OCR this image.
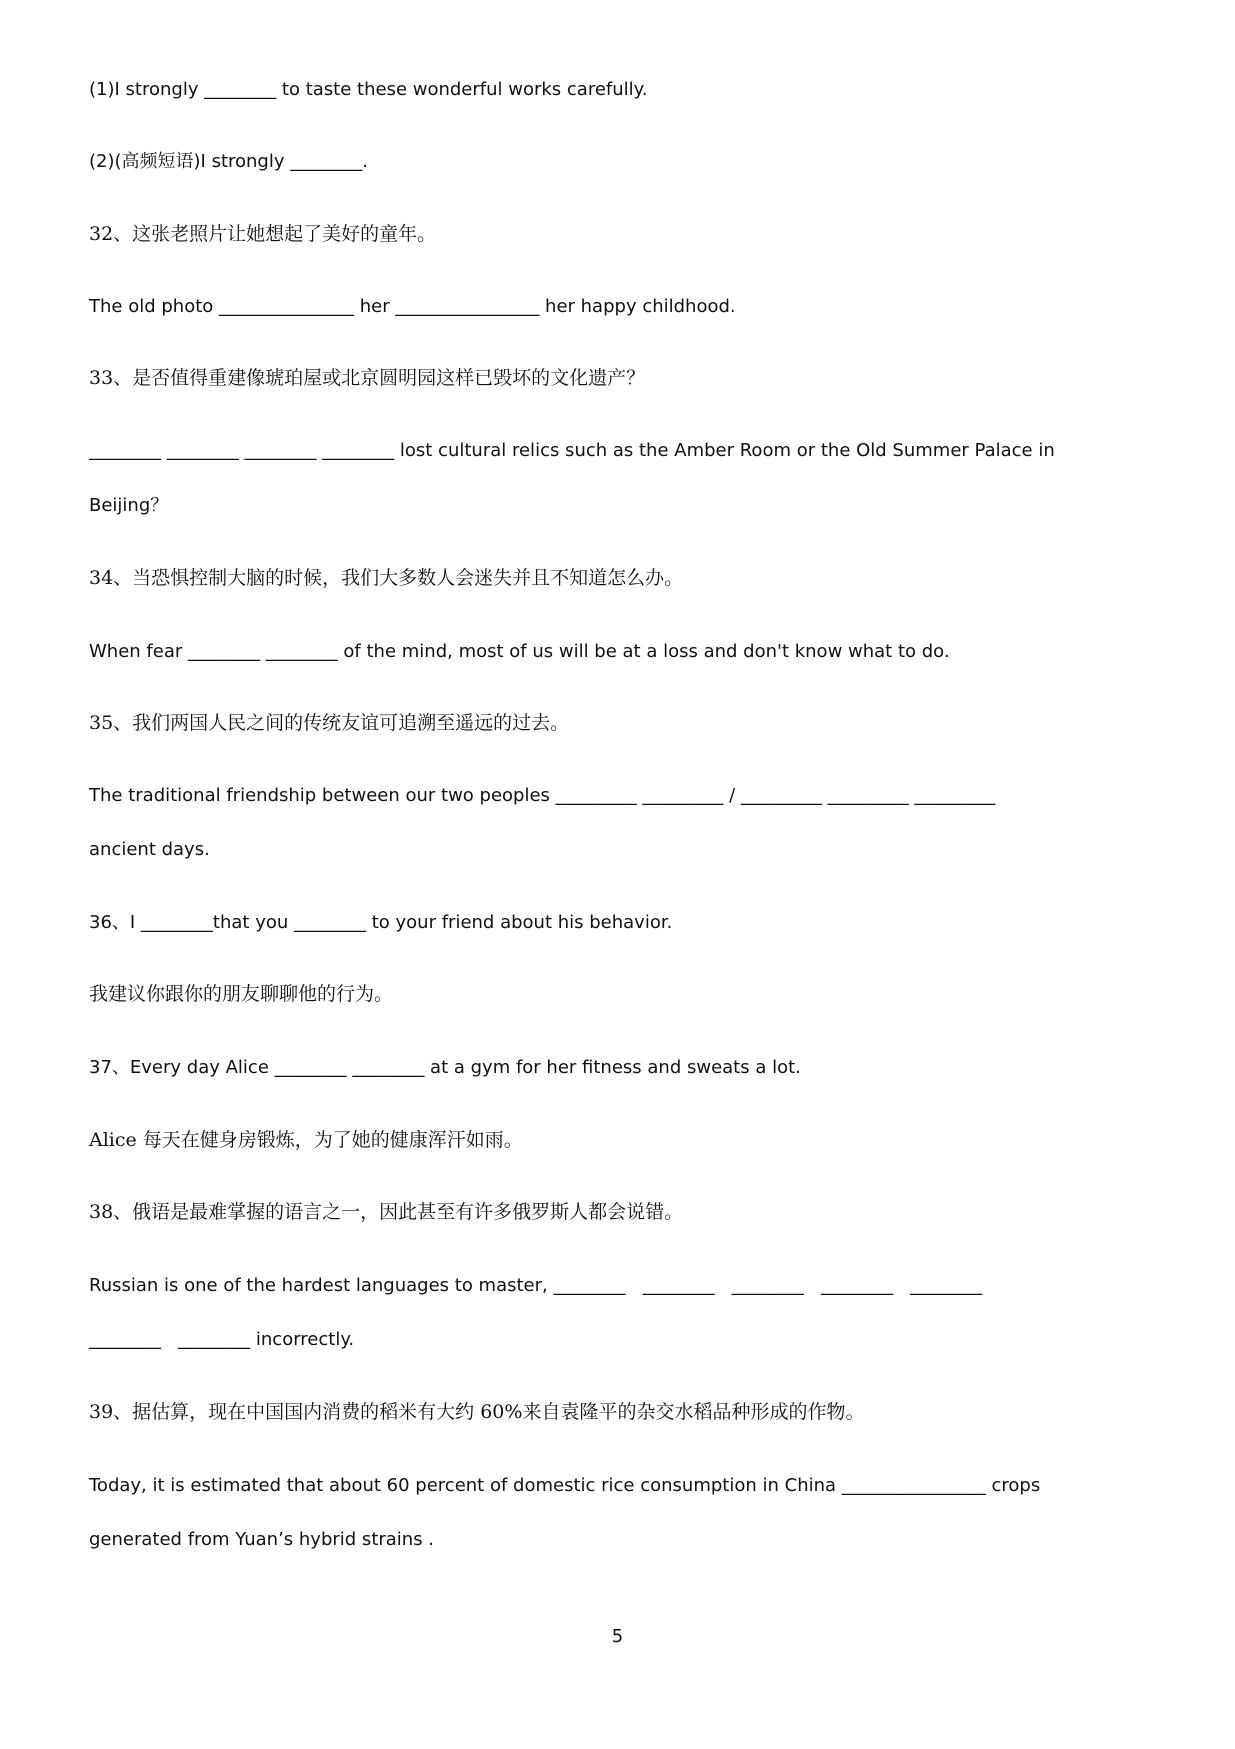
(1)I strongly ________ to taste these wonderful works carefully.

(2)(高频短语)I strongly ________.

32、这张老照片让她想起了美好的童年。

The old photo _______________ her ________________ her happy childhood.

33、是否值得重建像琥珀屋或北京圆明园这样已毁坏的文化遗产？

________ ________ ________ ________ lost cultural relics such as the Amber Room or the Old Summer Palace in

Beijing？

34、当恐惧控制大脑的时候，我们大多数人会迷失并且不知道怎么办。

When fear ________ ________ of the mind, most of us will be at a loss and don't know what to do.

35、我们两国人民之间的传统友谊可追溯至遥远的过去。

The traditional friendship between our two peoples _________ _________ / _________ _________ _________

ancient days.

36、I ________that you ________ to your friend about his behavior.

我建议你跟你的朋友聊聊他的行为。

37、Every day Alice ________ ________ at a gym for her fitness and sweats a lot.

Alice 每天在健身房锻炼，为了她的健康浑汗如雨。

38、俄语是最难掌握的语言之一，因此甚至有许多俄罗斯人都会说错。

Russian is one of the hardest languages to master, ________   ________   ________   ________   ________

________   ________ incorrectly.

39、据估算，现在中国国内消费的稻米有大约 60%来自袁隆平的杂交水稻品种形成的作物。

Today, it is estimated that about 60 percent of domestic rice consumption in China ________________ crops

generated from Yuan’s hybrid strains .

5
